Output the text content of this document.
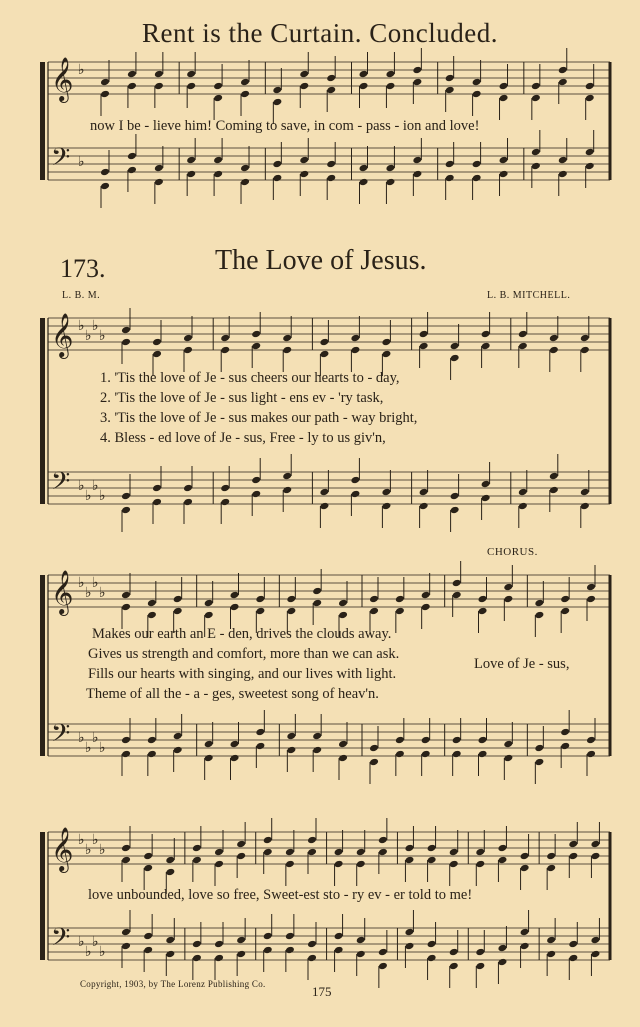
𝄞
𝄢
♭
♭
𝄞
𝄢
♭
♭
♭
♭
♭
♭
♭
♭
𝄞
𝄢
♭
♭
♭
♭
♭
♭
♭
♭
𝄞
𝄢
♭
♭
♭
♭
♭
♭
♭
♭
Rent is the Curtain. Concluded.
now I be - lieve him! Coming to save, in com - pass - ion and love!
173.	The Love of Jesus.
L. B. M.	L. B. MITCHELL.
1. 'Tis the love of Je - sus cheers our hearts to - day,
2. 'Tis the love of Je - sus light - ens ev - 'ry task,
3. 'Tis the love of Je - sus makes our path - way bright,
4. Bless - ed love of Je - sus, Free - ly to us giv'n,
CHORUS.
Makes our earth an E - den, drives the clouds away.
Gives us strength and comfort, more than we can ask.
Fills our hearts with singing, and our lives with light.
Theme of all the - a - ges, sweetest song of heav'n.
Love of Je - sus,
love unbounded, love so free, Sweet-est sto - ry ev - er told to me!
Copyright, 1903, by The Lorenz Publishing Co.	175
